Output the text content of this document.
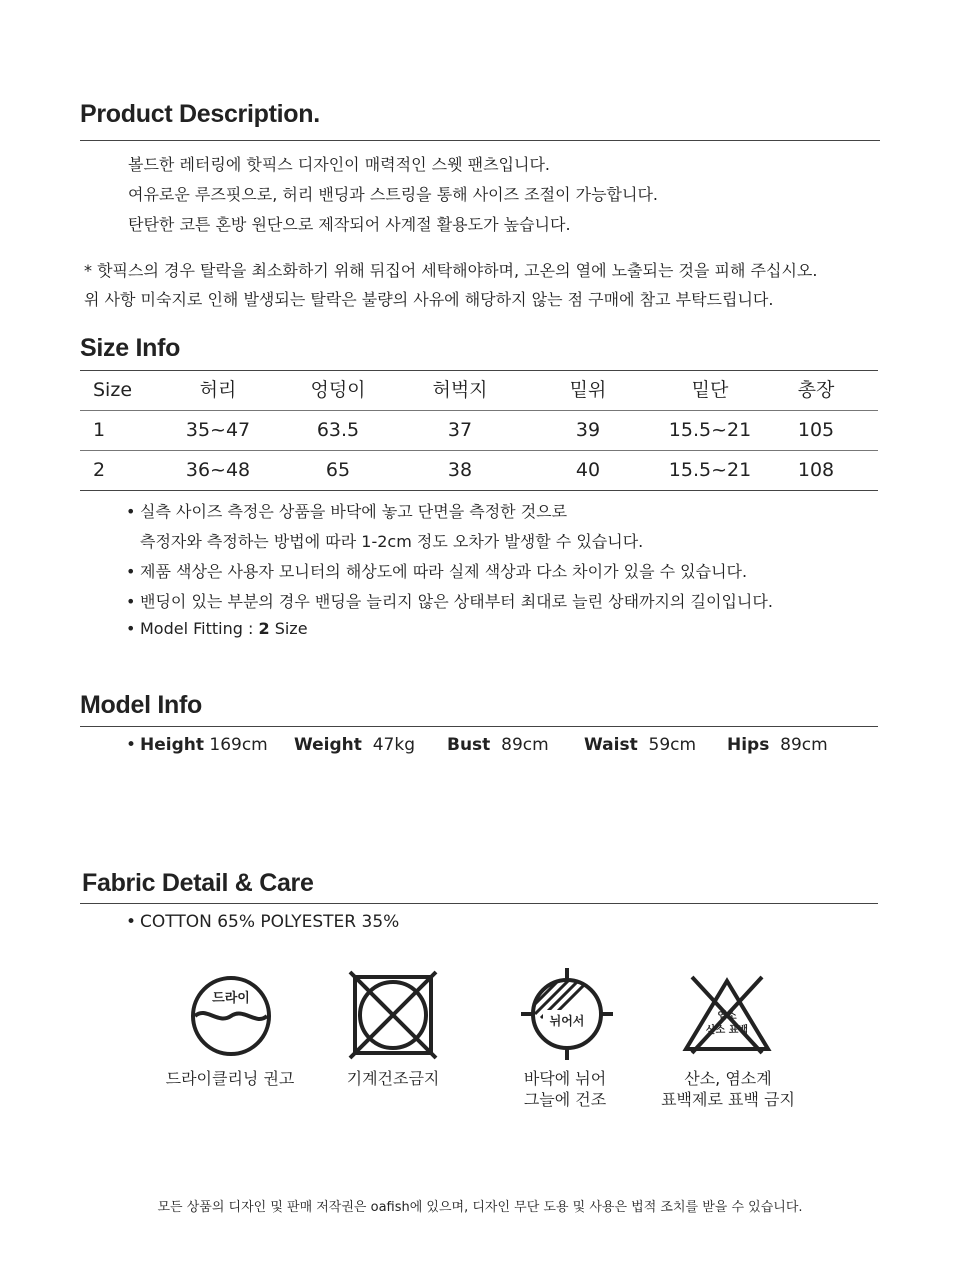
Product Description.
볼드한 레터링에 핫픽스 디자인이 매력적인 스웻 팬츠입니다.
여유로운 루즈핏으로, 허리 밴딩과 스트링을 통해 사이즈 조절이 가능합니다.
탄탄한 코튼 혼방 원단으로 제작되어 사계절 활용도가 높습니다.
* 핫픽스의 경우 탈락을 최소화하기 위해 뒤집어 세탁해야하며, 고온의 열에 노출되는 것을 피해 주십시오.
위 사항 미숙지로 인해 발생되는 탈락은 불량의 사유에 해당하지 않는 점 구매에 참고 부탁드립니다.
Size Info
Size	허리	엉덩이	허벅지	밑위	밑단	총장
1	35~47	63.5	37	39	15.5~21	105
2	36~48	65	38	40	15.5~21	108
• 실측 사이즈 측정은 상품을 바닥에 놓고 단면을 측정한 것으로
측정자와 측정하는 방법에 따라 1-2cm 정도 오차가 발생할 수 있습니다.
• 제품 색상은 사용자 모니터의 해상도에 따라 실제 색상과 다소 차이가 있을 수 있습니다.
• 밴딩이 있는 부분의 경우 밴딩을 늘리지 않은 상태부터 최대로 늘린 상태까지의 길이입니다.
• Model Fitting : 2 Size
Model Info
• Height 169cm Weight 47kg Bust 89cm Waist 59cm Hips 89cm
Fabric Detail & Care
• COTTON 65% POLYESTER 35%
드라이
뉘어서	염소
산소 표백
드라이클리닝 권고	기계건조금지	바닥에 뉘어
그늘에 건조
산소, 염소계
표백제로 표백 금지
모든 상품의 디자인 및 판매 저작권은 oafish에 있으며, 디자인 무단 도용 및 사용은 법적 조치를 받을 수 있습니다.
